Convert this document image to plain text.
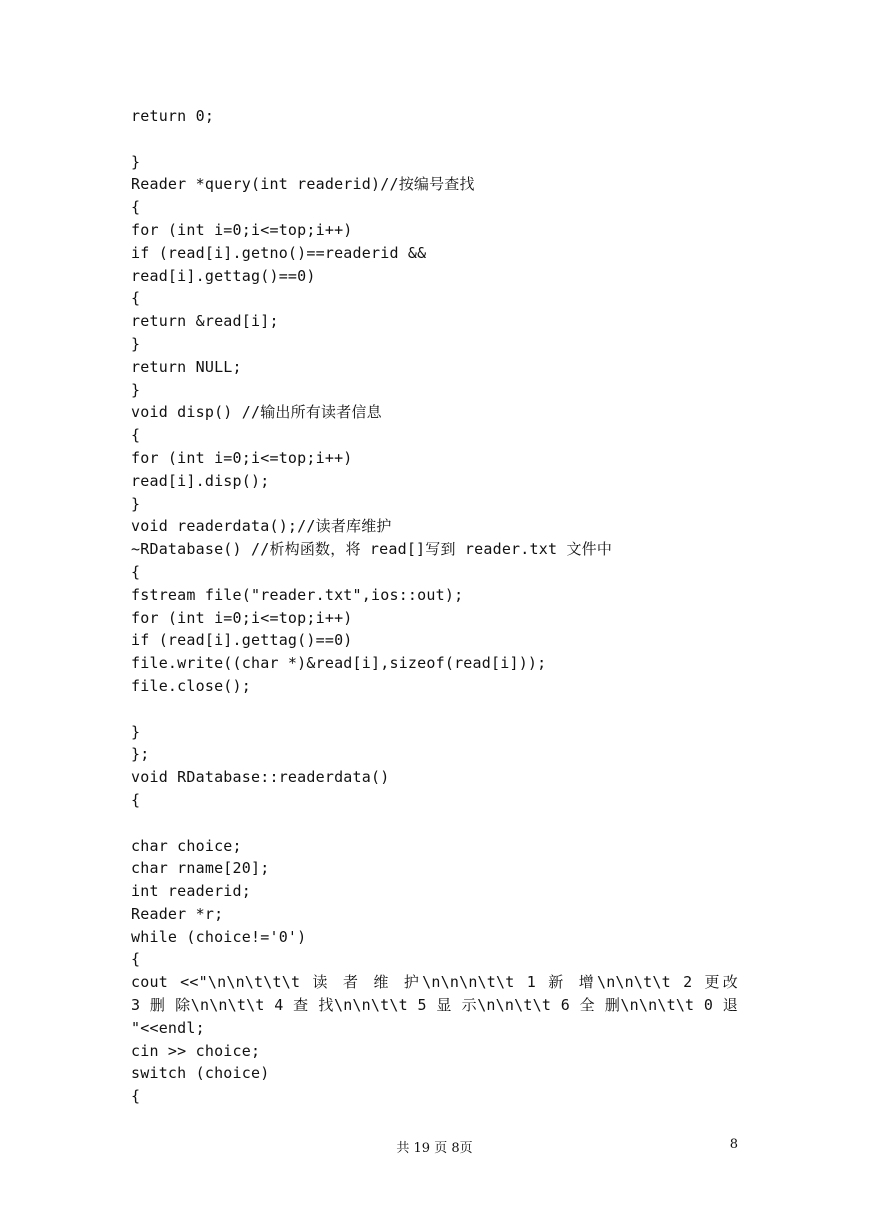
return 0;
}
Reader *query(int readerid)//按编号查找
{
for (int i=0;i<=top;i++)
if (read[i].getno()==readerid &&
read[i].gettag()==0)
{
return &read[i];
}
return NULL;
}
void disp() //输出所有读者信息
{
for (int i=0;i<=top;i++)
read[i].disp();
}
void readerdata();//读者库维护
~RDatabase() //析构函数，将 read[]写到 reader.txt 文件中
{
fstream file("reader.txt",ios::out);
for (int i=0;i<=top;i++)
if (read[i].gettag()==0)
file.write((char *)&read[i],sizeof(read[i]));
file.close();
}
};
void RDatabase::readerdata()
{
char choice;
char rname[20];
int readerid;
Reader *r;
while (choice!='0')
{
cout <<"\n\n\t\t\t 读 者 维 护\n\n\n\t\t 1 新 增\n\n\t\t 2 更改
3 删 除\n\n\t\t 4 查 找\n\n\t\t 5 显 示\n\n\t\t 6 全 删\n\n\t\t 0 退
"<<endl;
cin >> choice;
switch (choice)
{
共 19 页 8页	8
